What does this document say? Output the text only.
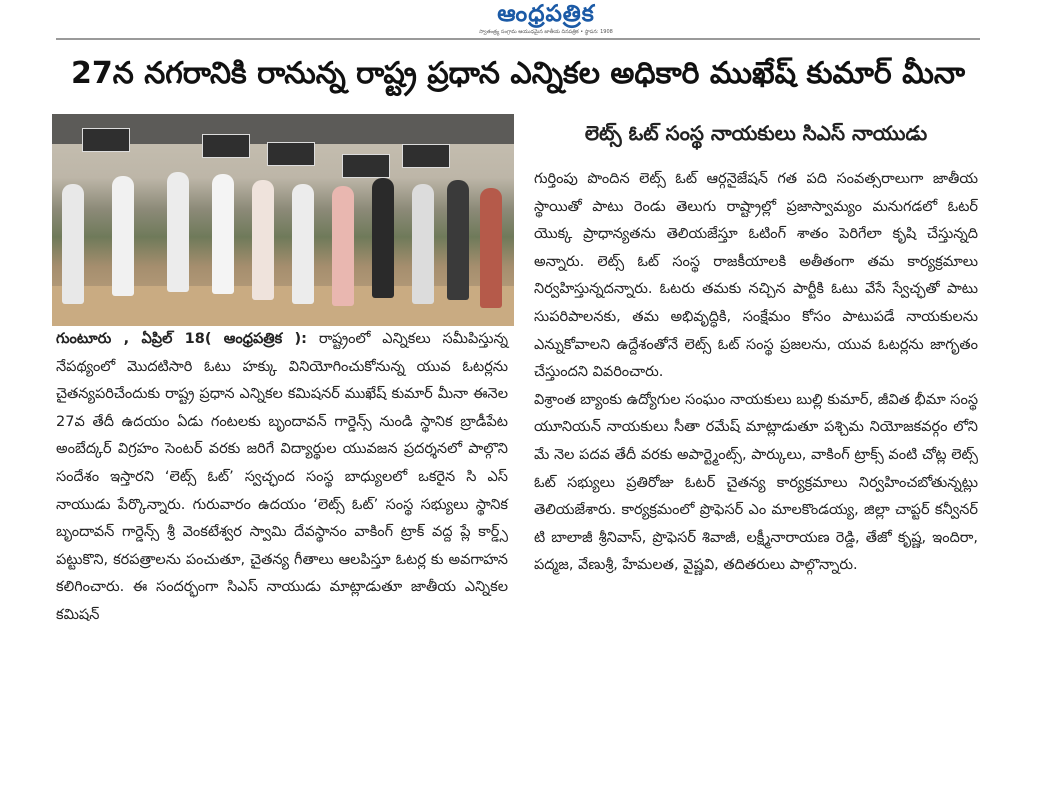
ఆంధ్రపత్రిక
స్వాతంత్ర్య సంగ్రామ ఆయుధమైన జాతీయ దినపత్రిక • స్థాపన: 1908
27న నగరానికి రానున్న రాష్ట్ర ప్రధాన ఎన్నికల అధికారి ముఖేష్ కుమార్ మీనా
లెట్స్ ఓట్ సంస్థ నాయకులు సిఎస్ నాయుడు

గుంటూరు , ఏప్రిల్ 18( ఆంధ్రపత్రిక ): రాష్ట్రంలో ఎన్నికలు సమీపిస్తున్న నేపథ్యంలో మొదటిసారి ఓటు హక్కు వినియోగించుకోనున్న యువ ఓటర్లను చైతన్యపరిచేందుకు రాష్ట్ర ప్రధాన ఎన్నికల కమిషనర్ ముఖేష్ కుమార్ మీనా ఈనెల 27వ తేదీ ఉదయం ఏడు గంటలకు బృందావన్ గార్డెన్స్ నుండి స్థానిక బ్రాడీపేట అంబేద్కర్ విగ్రహం సెంటర్ వరకు జరిగే విద్యార్థుల యువజన ప్రదర్శనలో పాల్గొని సందేశం ఇస్తారని ‘లెట్స్ ఓట్’ స్వచ్ఛంద సంస్థ బాధ్యులలో ఒకరైన సి ఎస్ నాయుడు పేర్కొన్నారు. గురువారం ఉదయం ‘లెట్స్ ఓట్’ సంస్థ సభ్యులు స్థానిక బృందావన్ గార్డెన్స్ శ్రీ వెంకటేశ్వర స్వామి దేవస్థానం వాకింగ్ ట్రాక్ వద్ద ప్లే కార్డ్స్ పట్టుకొని, కరపత్రాలను పంచుతూ, చైతన్య గీతాలు ఆలపిస్తూ ఓటర్ల కు అవగాహన కలిగించారు. ఈ సందర్భంగా సిఎస్ నాయుడు మాట్లాడుతూ జాతీయ ఎన్నికల కమిషన్

గుర్తింపు పొందిన లెట్స్ ఓట్ ఆర్గనైజేషన్ గత పది సంవత్సరాలుగా జాతీయ స్థాయితో పాటు రెండు తెలుగు రాష్ట్రాల్లో ప్రజాస్వామ్యం మనుగడలో ఓటర్ యొక్క ప్రాధాన్యతను తెలియజేస్తూ ఓటింగ్ శాతం పెరిగేలా కృషి చేస్తున్నది అన్నారు. లెట్స్ ఓట్ సంస్థ రాజకీయాలకి అతీతంగా తమ కార్యక్రమాలు నిర్వహిస్తున్నదన్నారు. ఓటరు తమకు నచ్చిన పార్టీకి ఓటు వేసే స్వేచ్ఛతో పాటు సుపరిపాలనకు, తమ అభివృద్ధికి, సంక్షేమం కోసం పాటుపడే నాయకులను ఎన్నుకోవాలని ఉద్దేశంతోనే లెట్స్ ఓట్ సంస్థ ప్రజలను, యువ ఓటర్లను జాగృతం చేస్తుందని వివరించారు.

విశ్రాంత బ్యాంకు ఉద్యోగుల సంఘం నాయకులు బుల్లి కుమార్, జీవిత భీమా సంస్థ యూనియన్ నాయకులు సీతా రమేష్ మాట్లాడుతూ పశ్చిమ నియోజకవర్గం లోని మే నెల పదవ తేదీ వరకు అపార్ట్మెంట్స్, పార్కులు, వాకింగ్ ట్రాక్స్ వంటి చోట్ల లెట్స్ ఓట్ సభ్యులు ప్రతిరోజు ఓటర్ చైతన్య కార్యక్రమాలు నిర్వహించబోతున్నట్లు తెలియజేశారు. కార్యక్రమంలో ప్రొఫెసర్ ఎం మాలకొండయ్య, జిల్లా చాప్టర్ కన్వీనర్ టి బాలాజీ శ్రీనివాస్, ప్రొఫెసర్ శివాజీ, లక్ష్మీనారాయణ రెడ్డి, తేజో కృష్ణ, ఇందిరా, పద్మజ, వేణుశ్రీ, హేమలత, వైష్ణవి, తదితరులు పాల్గొన్నారు.
